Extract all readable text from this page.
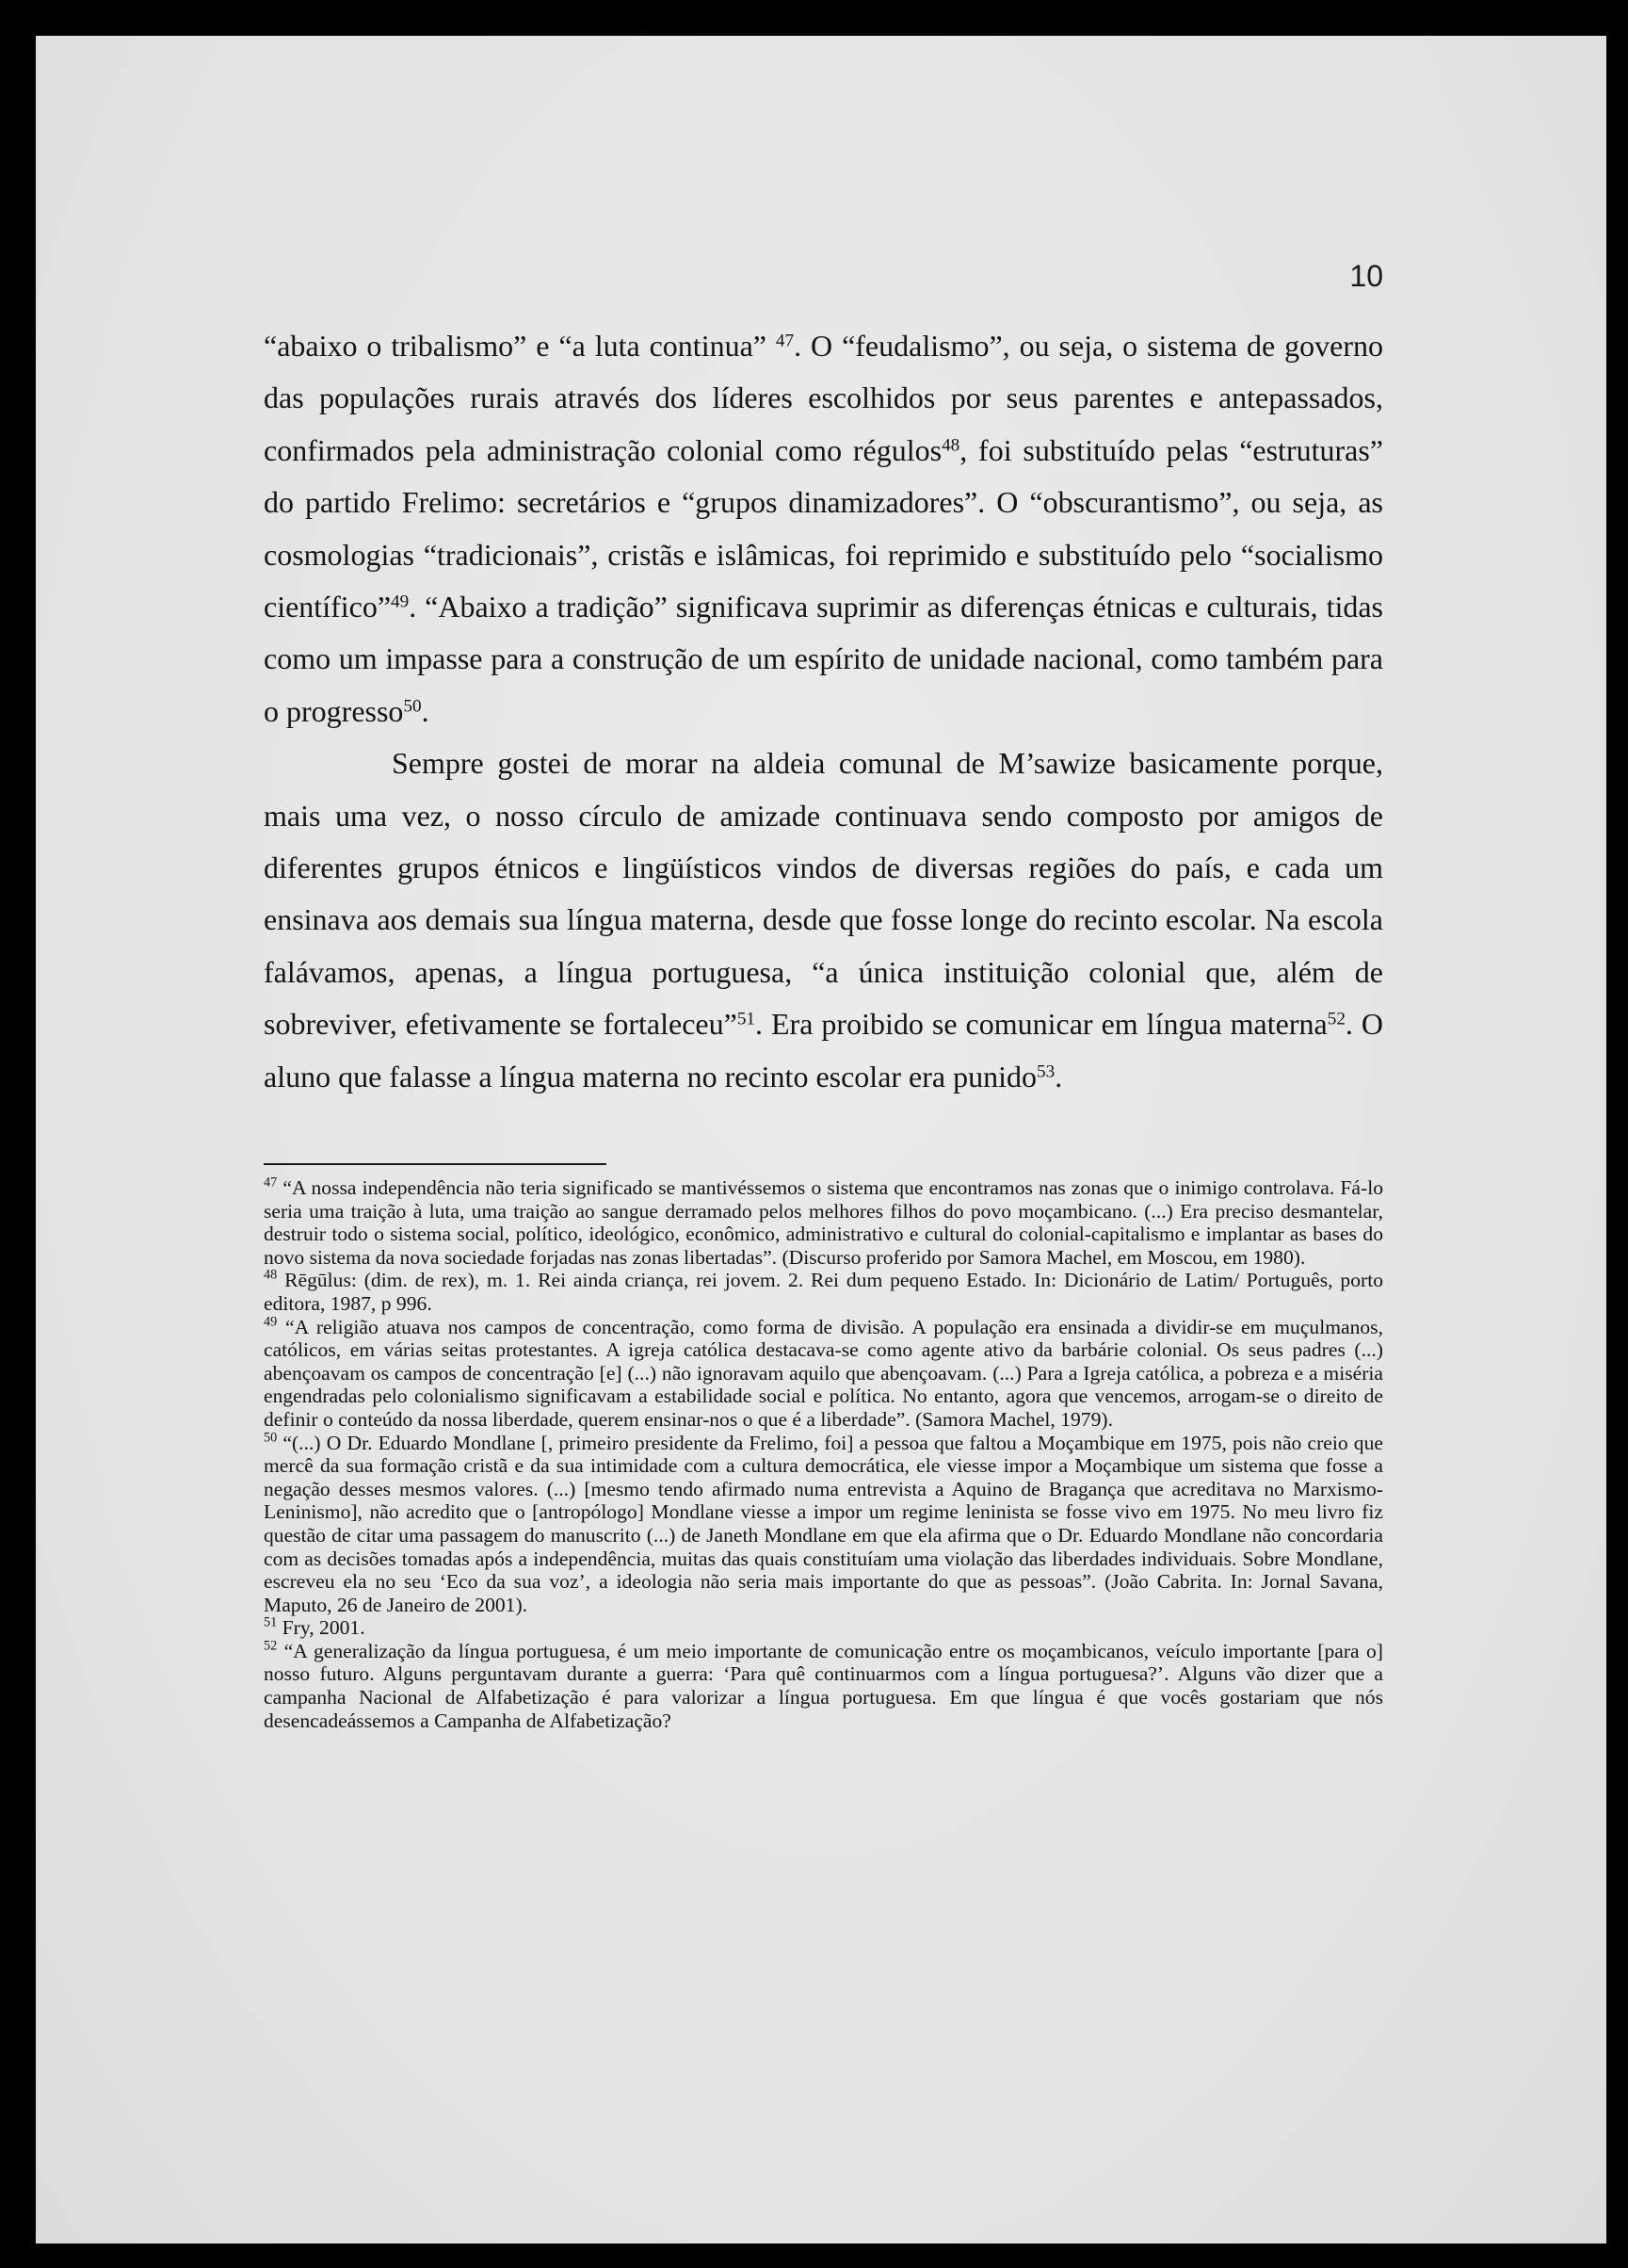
10

“abaixo o tribalismo” e “a luta continua” $^{47}$. O “feudalismo”, ou seja, o sistema de governo das populações rurais através dos líderes escolhidos por seus parentes e antepassados, confirmados pela administração colonial como régulos$^{48}$, foi substituído pelas “estruturas” do partido Frelimo: secretários e “grupos dinamizadores”. O “obscurantismo”, ou seja, as cosmologias “tradicionais”, cristãs e islâmicas, foi reprimido e substituído pelo “socialismo científico”$^{49}$. “Abaixo a tradição” significava suprimir as diferenças étnicas e culturais, tidas como um impasse para a construção de um espírito de unidade nacional, como também para o progresso$^{50}$.

Sempre gostei de morar na aldeia comunal de M’sawize basicamente porque, mais uma vez, o nosso círculo de amizade continuava sendo composto por amigos de diferentes grupos étnicos e lingüísticos vindos de diversas regiões do país, e cada um ensinava aos demais sua língua materna, desde que fosse longe do recinto escolar. Na escola falávamos, apenas, a língua portuguesa, “a única instituição colonial que, além de sobreviver, efetivamente se fortaleceu”$^{51}$. Era proibido se comunicar em língua materna$^{52}$. O aluno que falasse a língua materna no recinto escolar era punido$^{53}$.

$^{47}$ “A nossa independência não teria significado se mantivéssemos o sistema que encontramos nas zonas que o inimigo controlava. Fá-lo seria uma traição à luta, uma traição ao sangue derramado pelos melhores filhos do povo moçambicano. (...) Era preciso desmantelar, destruir todo o sistema social, político, ideológico, econômico, administrativo e cultural do colonial-capitalismo e implantar as bases do novo sistema da nova sociedade forjadas nas zonas libertadas”. (Discurso proferido por Samora Machel, em Moscou, em 1980).
$^{48}$ Rēgūlus: (dim. de rex), m. 1. Rei ainda criança, rei jovem. 2. Rei dum pequeno Estado. In: Dicionário de Latim/ Português, porto editora, 1987, p 996.
$^{49}$ “A religião atuava nos campos de concentração, como forma de divisão. A população era ensinada a dividir-se em muçulmanos, católicos, em várias seitas protestantes. A igreja católica destacava-se como agente ativo da barbárie colonial. Os seus padres (...) abençoavam os campos de concentração [e] (...) não ignoravam aquilo que abençoavam. (...) Para a Igreja católica, a pobreza e a miséria engendradas pelo colonialismo significavam a estabilidade social e política. No entanto, agora que vencemos, arrogam-se o direito de definir o conteúdo da nossa liberdade, querem ensinar-nos o que é a liberdade”. (Samora Machel, 1979).
$^{50}$ “(...) O Dr. Eduardo Mondlane [, primeiro presidente da Frelimo, foi] a pessoa que faltou a Moçambique em 1975, pois não creio que mercê da sua formação cristã e da sua intimidade com a cultura democrática, ele viesse impor a Moçambique um sistema que fosse a negação desses mesmos valores. (...) [mesmo tendo afirmado numa entrevista a Aquino de Bragança que acreditava no Marxismo-Leninismo], não acredito que o [antropólogo] Mondlane viesse a impor um regime leninista se fosse vivo em 1975. No meu livro fiz questão de citar uma passagem do manuscrito (...) de Janeth Mondlane em que ela afirma que o Dr. Eduardo Mondlane não concordaria com as decisões tomadas após a independência, muitas das quais constituíam uma violação das liberdades individuais. Sobre Mondlane, escreveu ela no seu ‘Eco da sua voz’, a ideologia não seria mais importante do que as pessoas”. (João Cabrita. In: Jornal Savana, Maputo, 26 de Janeiro de 2001).
$^{51}$ Fry, 2001.
$^{52}$ “A generalização da língua portuguesa, é um meio importante de comunicação entre os moçambicanos, veículo importante [para o] nosso futuro. Alguns perguntavam durante a guerra: ‘Para quê continuarmos com a língua portuguesa?’. Alguns vão dizer que a campanha Nacional de Alfabetização é para valorizar a língua portuguesa. Em que língua é que vocês gostariam que nós desencadeássemos a Campanha de Alfabetização?
